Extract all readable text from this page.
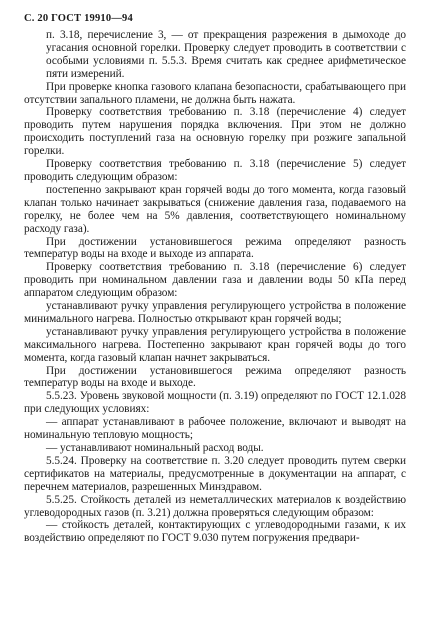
С. 20 ГОСТ 19910—94

п. 3.18, перечисление 3, — от прекращения разрежения в дымоходе до угасания основной горелки. Проверку следует проводить в соответствии с особыми условиями п. 5.5.3. Время считать как среднее арифметическое пяти измерений.

При проверке кнопка газового клапана безопасности, срабатывающего при отсутствии запального пламени, не должна быть нажата.

Проверку соответствия требованию п. 3.18 (перечисление 4) следует проводить путем нарушения порядка включения. При этом не должно происходить поступлений газа на основную горелку при розжиге запальной горелки.

Проверку соответствия требованию п. 3.18 (перечисление 5) следует проводить следующим образом:

постепенно закрывают кран горячей воды до того момента, когда газовый клапан только начинает закрываться (снижение давления газа, подаваемого на горелку, не более чем на 5% давления, соответствующего номинальному расходу газа).

При достижении установившегося режима определяют разность температур воды на входе и выходе из аппарата.

Проверку соответствия требованию п. 3.18 (перечисление 6) следует проводить при номинальном давлении газа и давлении воды 50 кПа перед аппаратом следующим образом:

устанавливают ручку управления регулирующего устройства в положение минимального нагрева. Полностью открывают кран горячей воды;

устанавливают ручку управления регулирующего устройства в положение максимального нагрева. Постепенно закрывают кран горячей воды до того момента, когда газовый клапан начнет закрываться.

При достижении установившегося режима определяют разность температур воды на входе и выходе.

5.5.23. Уровень звуковой мощности (п. 3.19) определяют по ГОСТ 12.1.028 при следующих условиях:

— аппарат устанавливают в рабочее положение, включают и выводят на номинальную тепловую мощность;

— устанавливают номинальный расход воды.

5.5.24. Проверку на соответствие п. 3.20 следует проводить путем сверки сертификатов на материалы, предусмотренные в документации на аппарат, с перечнем материалов, разрешенных Минздравом.

5.5.25. Стойкость деталей из неметаллических материалов к воздействию углеводородных газов (п. 3.21) должна проверяться следующим образом:

— стойкость деталей, контактирующих с углеводородными газами, к их воздействию определяют по ГОСТ 9.030 путем погружения предвари-
